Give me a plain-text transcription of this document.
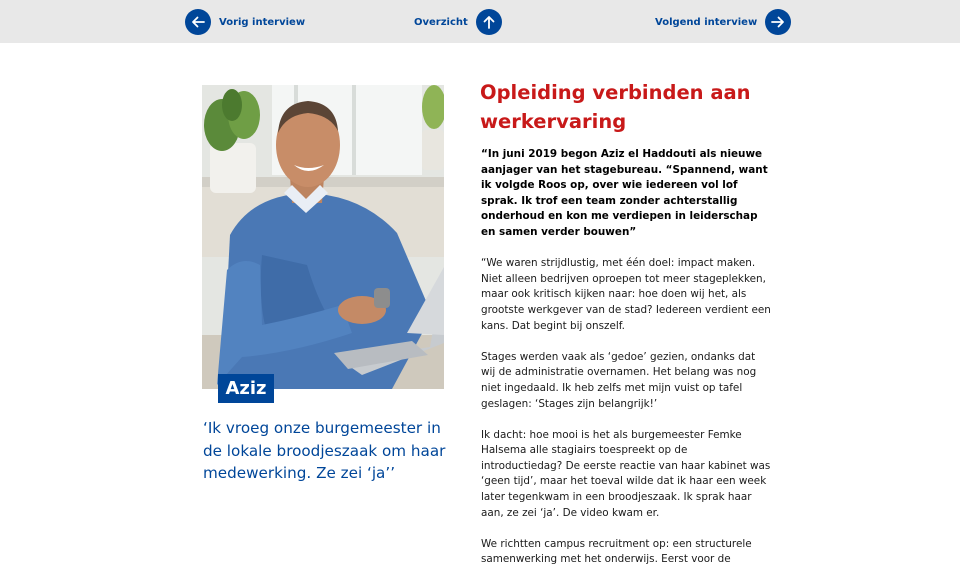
Vorig interview	Overzicht	Volgend interview
Aziz
‘Ik vroeg onze burgemeester in de lokale broodjeszaak om haar medewerking. Ze zei ‘ja’’
Opleiding verbinden aan werkervaring

“In juni 2019 begon Aziz el Haddouti als nieuwe aanjager van het stagebureau. “Spannend, want ik volgde Roos op, over wie iedereen vol lof sprak. Ik trof een team zonder achterstallig onderhoud en kon me verdiepen in leiderschap en samen verder bouwen”

“We waren strijdlustig, met één doel: impact maken. Niet alleen bedrijven oproepen tot meer stageplekken, maar ook kritisch kijken naar: hoe doen wij het, als grootste werkgever van de stad? Iedereen verdient een kans. Dat begint bij onszelf.

Stages werden vaak als ‘gedoe’ gezien, ondanks dat wij de administratie overnamen. Het belang was nog niet ingedaald. Ik heb zelfs met mijn vuist op tafel geslagen: ‘Stages zijn belangrijk!’

Ik dacht: hoe mooi is het als burgemeester Femke Halsema alle stagiairs toespreekt op de introductiedag? De eerste reactie van haar kabinet was ‘geen tijd’, maar het toeval wilde dat ik haar een week later tegenkwam in een broodjeszaak. Ik sprak haar aan, ze zei ‘ja’. De video kwam er.

We richtten campus recruitment op: een structurele samenwerking met het onderwijs. Eerst voor de
